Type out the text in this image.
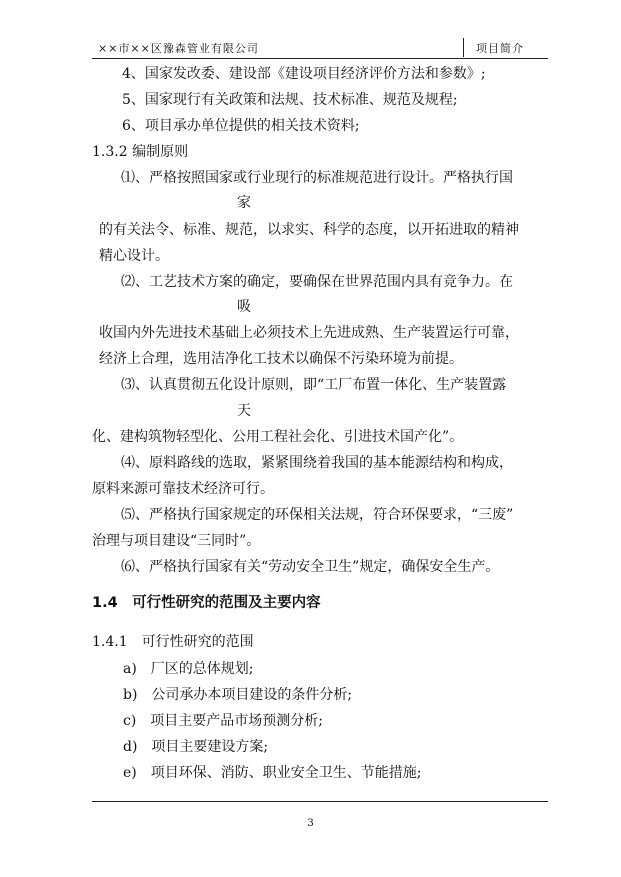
××市××区豫森管业有限公司	项目简介
4、国家发改委、建设部《建设项目经济评价方法和参数》;
5、国家现行有关政策和法规、技术标准、规范及规程;
6、项目承办单位提供的相关技术资料;
1.3.2 编制原则
⑴、严格按照国家或行业现行的标准规范进行设计。严格执行国
家
的有关法令、标准、规范，以求实、科学的态度，以开拓进取的精神
精心设计。
⑵、工艺技术方案的确定，要确保在世界范围内具有竞争力。在
吸
收国内外先进技术基础上必须技术上先进成熟、生产装置运行可靠，
经济上合理，选用洁净化工技术以确保不污染环境为前提。
⑶、认真贯彻五化设计原则，即“工厂布置一体化、生产装置露
天
化、建构筑物轻型化、公用工程社会化、引进技术国产化”。
⑷、原料路线的选取，紧紧围绕着我国的基本能源结构和构成，
原料来源可靠技术经济可行。
⑸、严格执行国家规定的环保相关法规，符合环保要求，“三废”
治理与项目建设“三同时”。
⑹、严格执行国家有关“劳动安全卫生”规定，确保安全生产。
1.4　可行性研究的范围及主要内容
1.4.1　可行性研究的范围
a)　厂区的总体规划;
b)　公司承办本项目建设的条件分析;
c)　项目主要产品市场预测分析;
d)　项目主要建设方案;
e)　项目环保、消防、职业安全卫生、节能措施;
3
